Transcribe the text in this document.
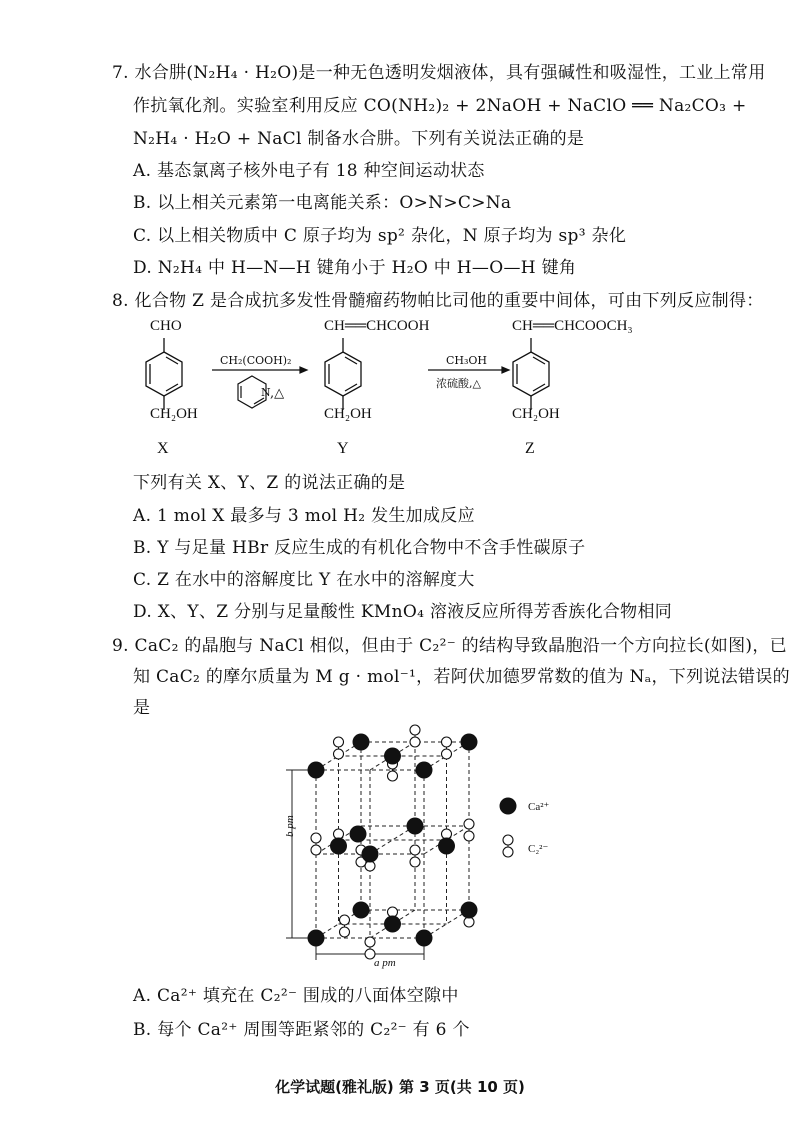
7. 水合肼(N₂H₄ · H₂O)是一种无色透明发烟液体，具有强碱性和吸湿性，工业上常用
作抗氧化剂。实验室利用反应 CO(NH₂)₂ + 2NaOH + NaClO ══ Na₂CO₃ +
N₂H₄ · H₂O + NaCl 制备水合肼。下列有关说法正确的是
A. 基态氯离子核外电子有 18 种空间运动状态
B. 以上相关元素第一电离能关系：O>N>C>Na
C. 以上相关物质中 C 原子均为 sp² 杂化，N 原子均为 sp³ 杂化
D. N₂H₄ 中 H—N—H 键角小于 H₂O 中 H—O—H 键角
8. 化合物 Z 是合成抗多发性骨髓瘤药物帕比司他的重要中间体，可由下列反应制得：
CHO
CH₂OH
CH══CHCOOH
CH₂OH
CH══CHCOOCH₃
CH₂OH
CH₂(COOH)₂
N ,△
CH₃OH
浓硫酸,△
X	Y	Z
下列有关 X、Y、Z 的说法正确的是
A. 1 mol X 最多与 3 mol H₂ 发生加成反应
B. Y 与足量 HBr 反应生成的有机化合物中不含手性碳原子
C. Z 在水中的溶解度比 Y 在水中的溶解度大
D. X、Y、Z 分别与足量酸性 KMnO₄ 溶液反应所得芳香族化合物相同
9. CaC₂ 的晶胞与 NaCl 相似，但由于 C₂²⁻ 的结构导致晶胞沿一个方向拉长(如图)，已
知 CaC₂ 的摩尔质量为 M g · mol⁻¹，若阿伏加德罗常数的值为 Nₐ，下列说法错误的
是
b pm
a pm
Ca²⁺
C₂²⁻
A. Ca²⁺ 填充在 C₂²⁻ 围成的八面体空隙中
B. 每个 Ca²⁺ 周围等距紧邻的 C₂²⁻ 有 6 个
化学试题(雅礼版) 第 3 页(共 10 页)
